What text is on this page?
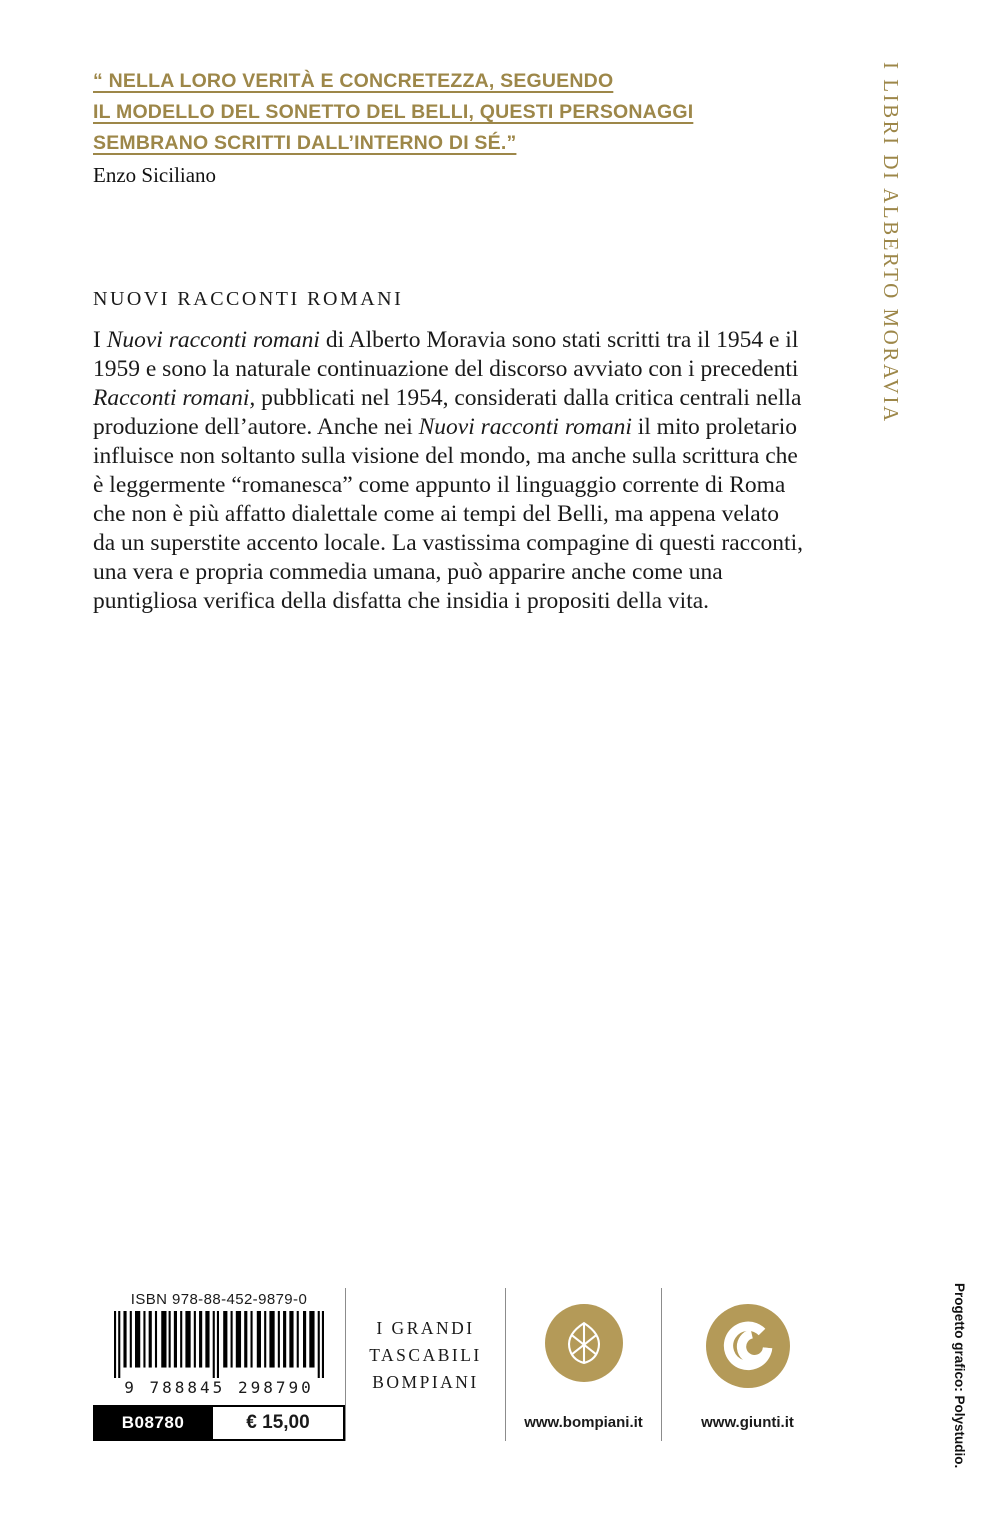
“ NELLA LORO VERITÀ E CONCRETEZZA, SEGUENDO
IL MODELLO DEL SONETTO DEL BELLI, QUESTI PERSONAGGI
SEMBRANO SCRITTI DALL’INTERNO DI SÉ.”
Enzo Siciliano	I LIBRI DI ALBERTO MORAVIA
NUOVI RACCONTI ROMANI

I Nuovi racconti romani di Alberto Moravia sono stati scritti tra il 1954 e il 1959 e sono la naturale continuazione del discorso avviato con i precedenti Racconti romani, pubblicati nel 1954, considerati dalla critica centrali nella produzione dell’autore. Anche nei Nuovi racconti romani il mito proletario influisce non soltanto sulla visione del mondo, ma anche sulla scrittura che è leggermente “romanesca” come appunto il linguaggio corrente di Roma che non è più affatto dialettale come ai tempi del Belli, ma appena velato da un superstite accento locale. La vastissima compagine di questi racconti, una vera e propria commedia umana, può apparire anche come una puntigliosa verifica della disfatta che insidia i propositi della vita.

ISBN 978-88-452-9879-0
9 788845 298790
B08780	€ 15,00
I GRANDI
TASCABILI
BOMPIANI
www.bompiani.it	www.giunti.it	Progetto grafico: Polystudio.
